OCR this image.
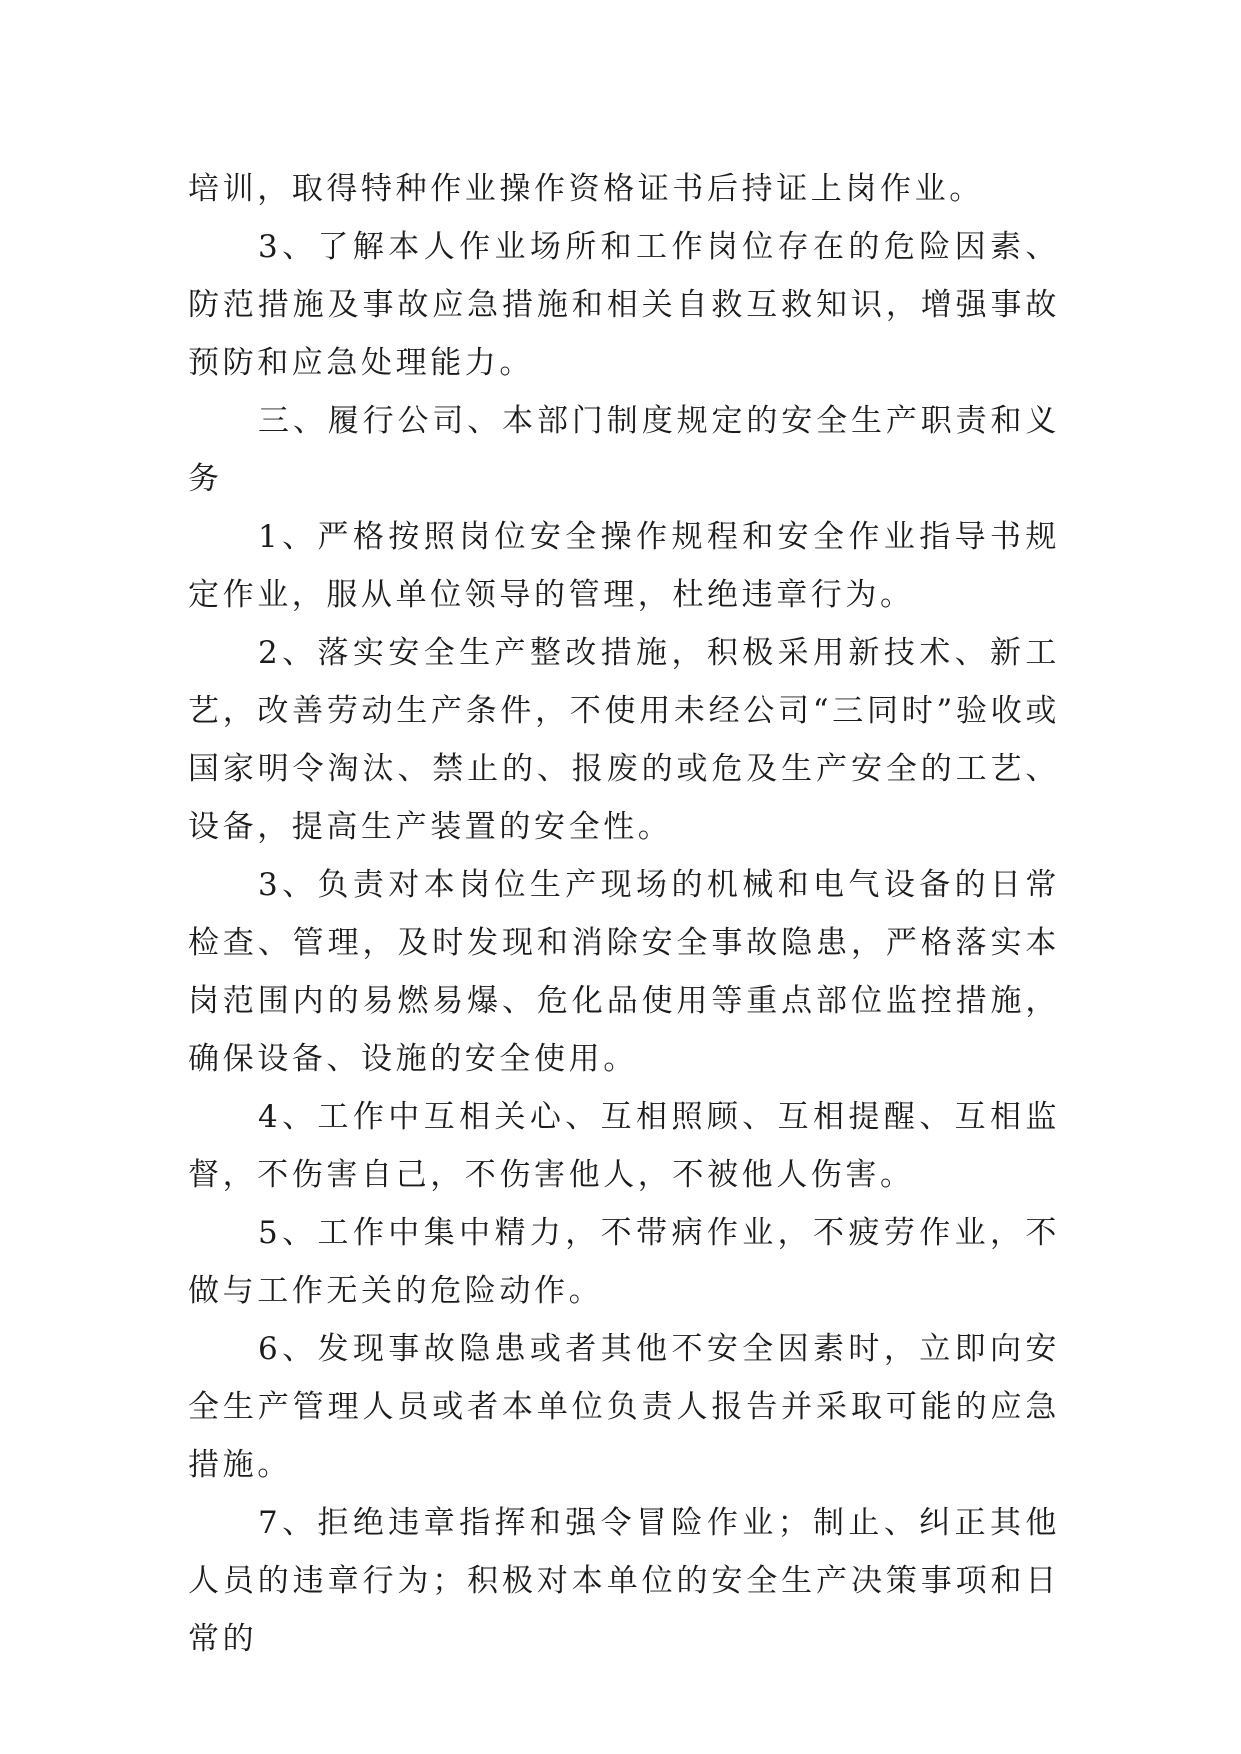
培训，取得特种作业操作资格证书后持证上岗作业。

3、了解本人作业场所和工作岗位存在的危险因素、防范措施及事故应急措施和相关自救互救知识，增强事故预防和应急处理能力。

三、履行公司、本部门制度规定的安全生产职责和义务

1、严格按照岗位安全操作规程和安全作业指导书规定作业，服从单位领导的管理，杜绝违章行为。

2、落实安全生产整改措施，积极采用新技术、新工艺，改善劳动生产条件，不使用未经公司“三同时”验收或国家明令淘汰、禁止的、报废的或危及生产安全的工艺、设备，提高生产装置的安全性。

3、负责对本岗位生产现场的机械和电气设备的日常检查、管理，及时发现和消除安全事故隐患，严格落实本岗范围内的易燃易爆、危化品使用等重点部位监控措施，确保设备、设施的安全使用。

4、工作中互相关心、互相照顾、互相提醒、互相监督，不伤害自己，不伤害他人，不被他人伤害。

5、工作中集中精力，不带病作业，不疲劳作业，不做与工作无关的危险动作。

6、发现事故隐患或者其他不安全因素时，立即向安全生产管理人员或者本单位负责人报告并采取可能的应急措施。

7、拒绝违章指挥和强令冒险作业；制止、纠正其他人员的违章行为；积极对本单位的安全生产决策事项和日常的
